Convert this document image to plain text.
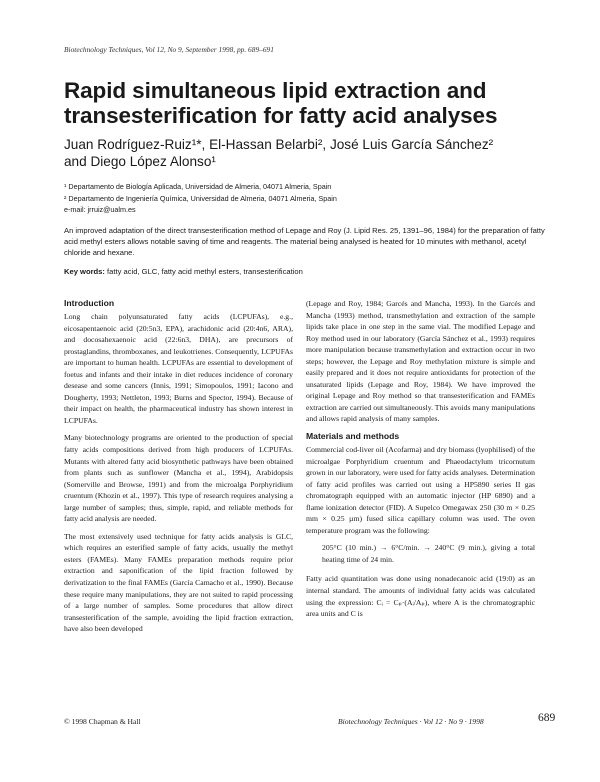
Biotechnology Techniques, Vol 12, No 9, September 1998, pp. 689–691
Rapid simultaneous lipid extraction and transesterification for fatty acid analyses
Juan Rodríguez-Ruiz¹*, El-Hassan Belarbi², José Luis García Sánchez²
and Diego López Alonso¹
¹ Departamento de Biología Aplicada, Universidad de Almeria, 04071 Almeria, Spain
² Departamento de Ingeniería Química, Universidad de Almeria, 04071 Almeria, Spain
e-mail: jrruiz@ualm.es
An improved adaptation of the direct transesterification method of Lepage and Roy (J. Lipid Res. 25, 1391–96, 1984) for the preparation of fatty acid methyl esters allows notable saving of time and reagents. The material being analysed is heated for 10 minutes with methanol, acetyl chloride and hexane.
Key words: fatty acid, GLC, fatty acid methyl esters, transesterification
Introduction

Long chain polyunsaturated fatty acids (LCPUFAs), e.g., eicosapentaenoic acid (20:5n3, EPA), arachidonic acid (20:4n6, ARA), and docosahexaenoic acid (22:6n3, DHA), are precursors of prostaglandins, thromboxanes, and leukotrienes. Consequently, LCPUFAs are important to human health. LCPUFAs are essential to development of foetus and infants and their intake in diet reduces incidence of coronary desease and some cancers (Innis, 1991; Simopoulos, 1991; Iacono and Dougherty, 1993; Nettleton, 1993; Burns and Spector, 1994). Because of their impact on health, the pharmaceutical industry has shown interest in LCPUFAs.

Many biotechnology programs are oriented to the production of special fatty acids compositions derived from high producers of LCPUFAs. Mutants with altered fatty acid biosynthetic pathways have been obtained from plants such as sunflower (Mancha et al., 1994), Arabidopsis (Somerville and Browse, 1991) and from the microalga Porphyridium cruentum (Khozin et al., 1997). This type of research requires analysing a large number of samples; thus, simple, rapid, and reliable methods for fatty acid analysis are needed.

The most extensively used technique for fatty acids analysis is GLC, which requires an esterified sample of fatty acids, usually the methyl esters (FAMEs). Many FAMEs preparation methods require prior extraction and saponification of the lipid fraction followed by derivatization to the final FAMEs (García Camacho et al., 1990). Because these require many manipulations, they are not suited to rapid processing of a large number of samples. Some procedures that allow direct transesterification of the sample, avoiding the lipid fraction extraction, have also been developed

(Lepage and Roy, 1984; Garcés and Mancha, 1993). In the Garcés and Mancha (1993) method, transmethylation and extraction of the sample lipids take place in one step in the same vial. The modified Lepage and Roy method used in our laboratory (García Sánchez et al., 1993) requires more manipulation because transmethylation and extraction occur in two steps; however, the Lepage and Roy methylation mixture is simple and easily prepared and it does not require antioxidants for protection of the unsaturated lipids (Lepage and Roy, 1984). We have improved the original Lepage and Roy method so that transesterification and FAMEs extraction are carried out simultaneously. This avoids many manipulations and allows rapid analysis of many samples.

Materials and methods

Commercial cod-liver oil (Acofarma) and dry biomass (lyophilised) of the microalgae Porphyridium cruentum and Phaeodactylum tricornutum grown in our laboratory, were used for fatty acids analyses. Determination of fatty acid profiles was carried out using a HP5890 series II gas chromatograph equipped with an automatic injector (HP 6890) and a flame ionization detector (FID). A Supelco Omegawax 250 (30 m × 0.25 mm × 0.25 µm) fused silica capillary column was used. The oven temperature program was the following:

205°C (10 min.) → 6°C/min. → 240°C (9 min.), giving a total heating time of 24 min.

Fatty acid quantitation was done using nonadecanoic acid (19:0) as an internal standard. The amounts of individual fatty acids was calculated using the expression: Cᵢ = Cₚ·(Aᵢ/Aₚ), where A is the chromatographic area units and C is

© 1998 Chapman & Hall	Biotechnology Techniques · Vol 12 · No 9 · 1998	689
